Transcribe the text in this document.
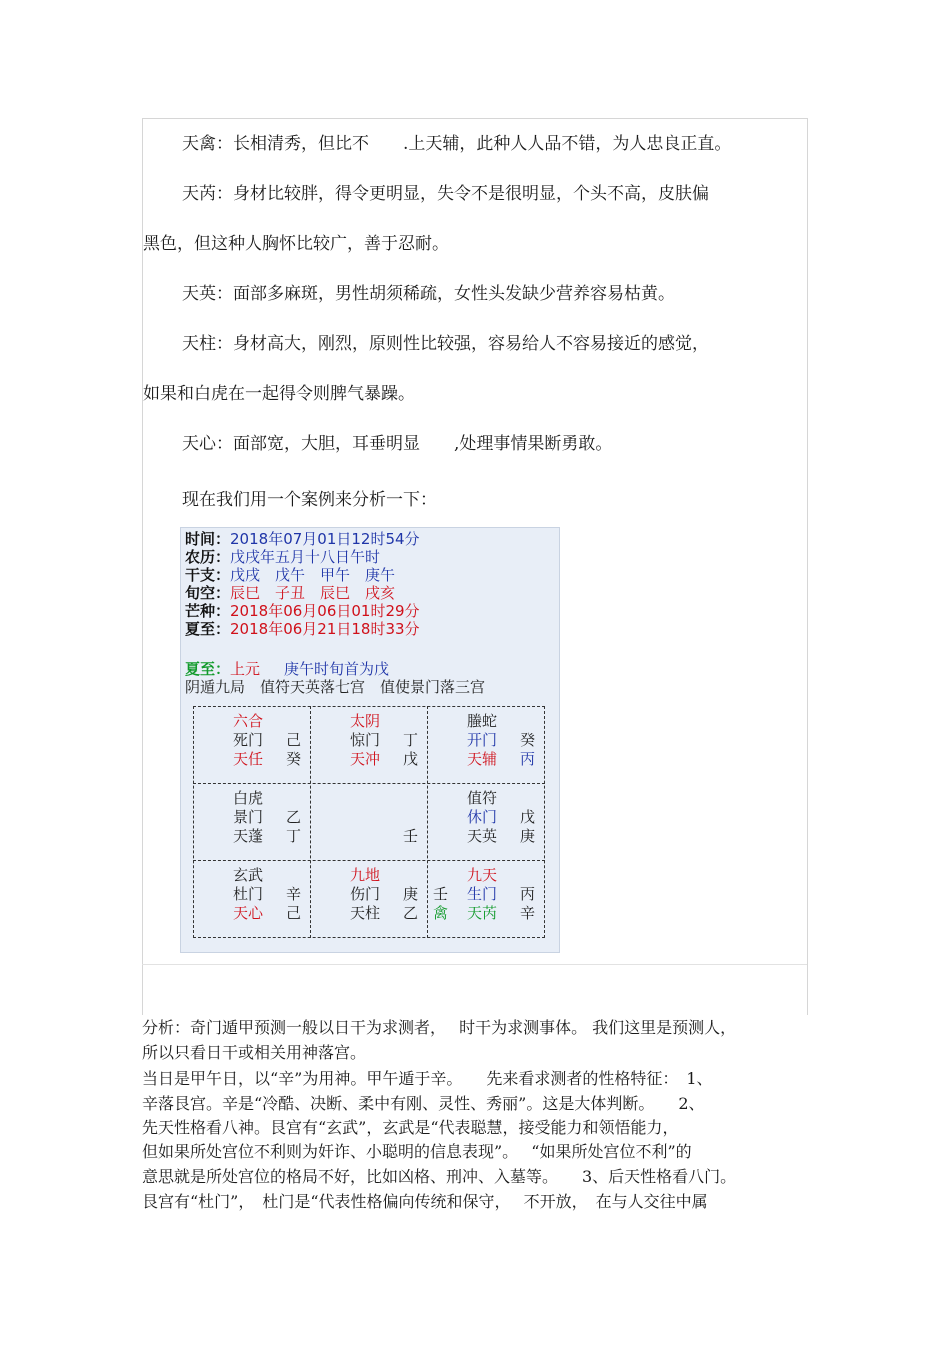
天禽：长相清秀，但比不　　.上天辅，此种人人品不错，为人忠良正直。
天芮：身材比较胖，得令更明显，失令不是很明显，个头不高，皮肤偏
黑色，但这种人胸怀比较广，善于忍耐。
天英：面部多麻斑，男性胡须稀疏，女性头发缺少营养容易枯黄。
天柱：身材高大，刚烈，原则性比较强，容易给人不容易接近的感觉，
如果和白虎在一起得令则脾气暴躁。
天心：面部宽，大胆，耳垂明显　　,处理事情果断勇敢。
现在我们用一个案例来分析一下：
时间：2018年07月01日12时54分
农历：戊戌年五月十八日午时
干支：戊戌　戊午　甲午　庚午
旬空：辰巳　子丑　辰巳　戌亥
芒种：2018年06月06日01时29分
夏至：2018年06月21日18时33分
夏至：上元 庚午时旬首为戊
阴遁九局　值符天英落七宫　值使景门落三宫
六合
死门
天任
己
癸
太阴
惊门
天冲
丁
戊
螣蛇
开门
天辅
癸
丙
白虎
景门
天蓬
乙
丁	壬
值符
休门
天英
戊
庚
玄武
杜门
天心
辛
己
九地
伤门
天柱
庚
乙
九天
壬
禽
生门
天芮
丙
辛
分析：奇门遁甲预测一般以日干为求测者，　 时干为求测事体。 我们这里是预测人，
所以只看日干或相关用神落宫。
当日是甲午日，以“辛”为用神。甲午遁于辛。　　先来看求测者的性格特征：　1、
辛落艮宫。辛是“冷酷、决断、柔中有刚、灵性、秀丽”。这是大体判断。　　2、
先天性格看八神。艮宫有“玄武”，玄武是“代表聪慧，接受能力和领悟能力，
但如果所处宫位不利则为奸诈、小聪明的信息表现”。　 “如果所处宫位不利”的
意思就是所处宫位的格局不好，比如凶格、刑冲、入墓等。　　3、后天性格看八门。
艮宫有“杜门”，　杜门是“代表性格偏向传统和保守，　 不开放，　在与人交往中属
